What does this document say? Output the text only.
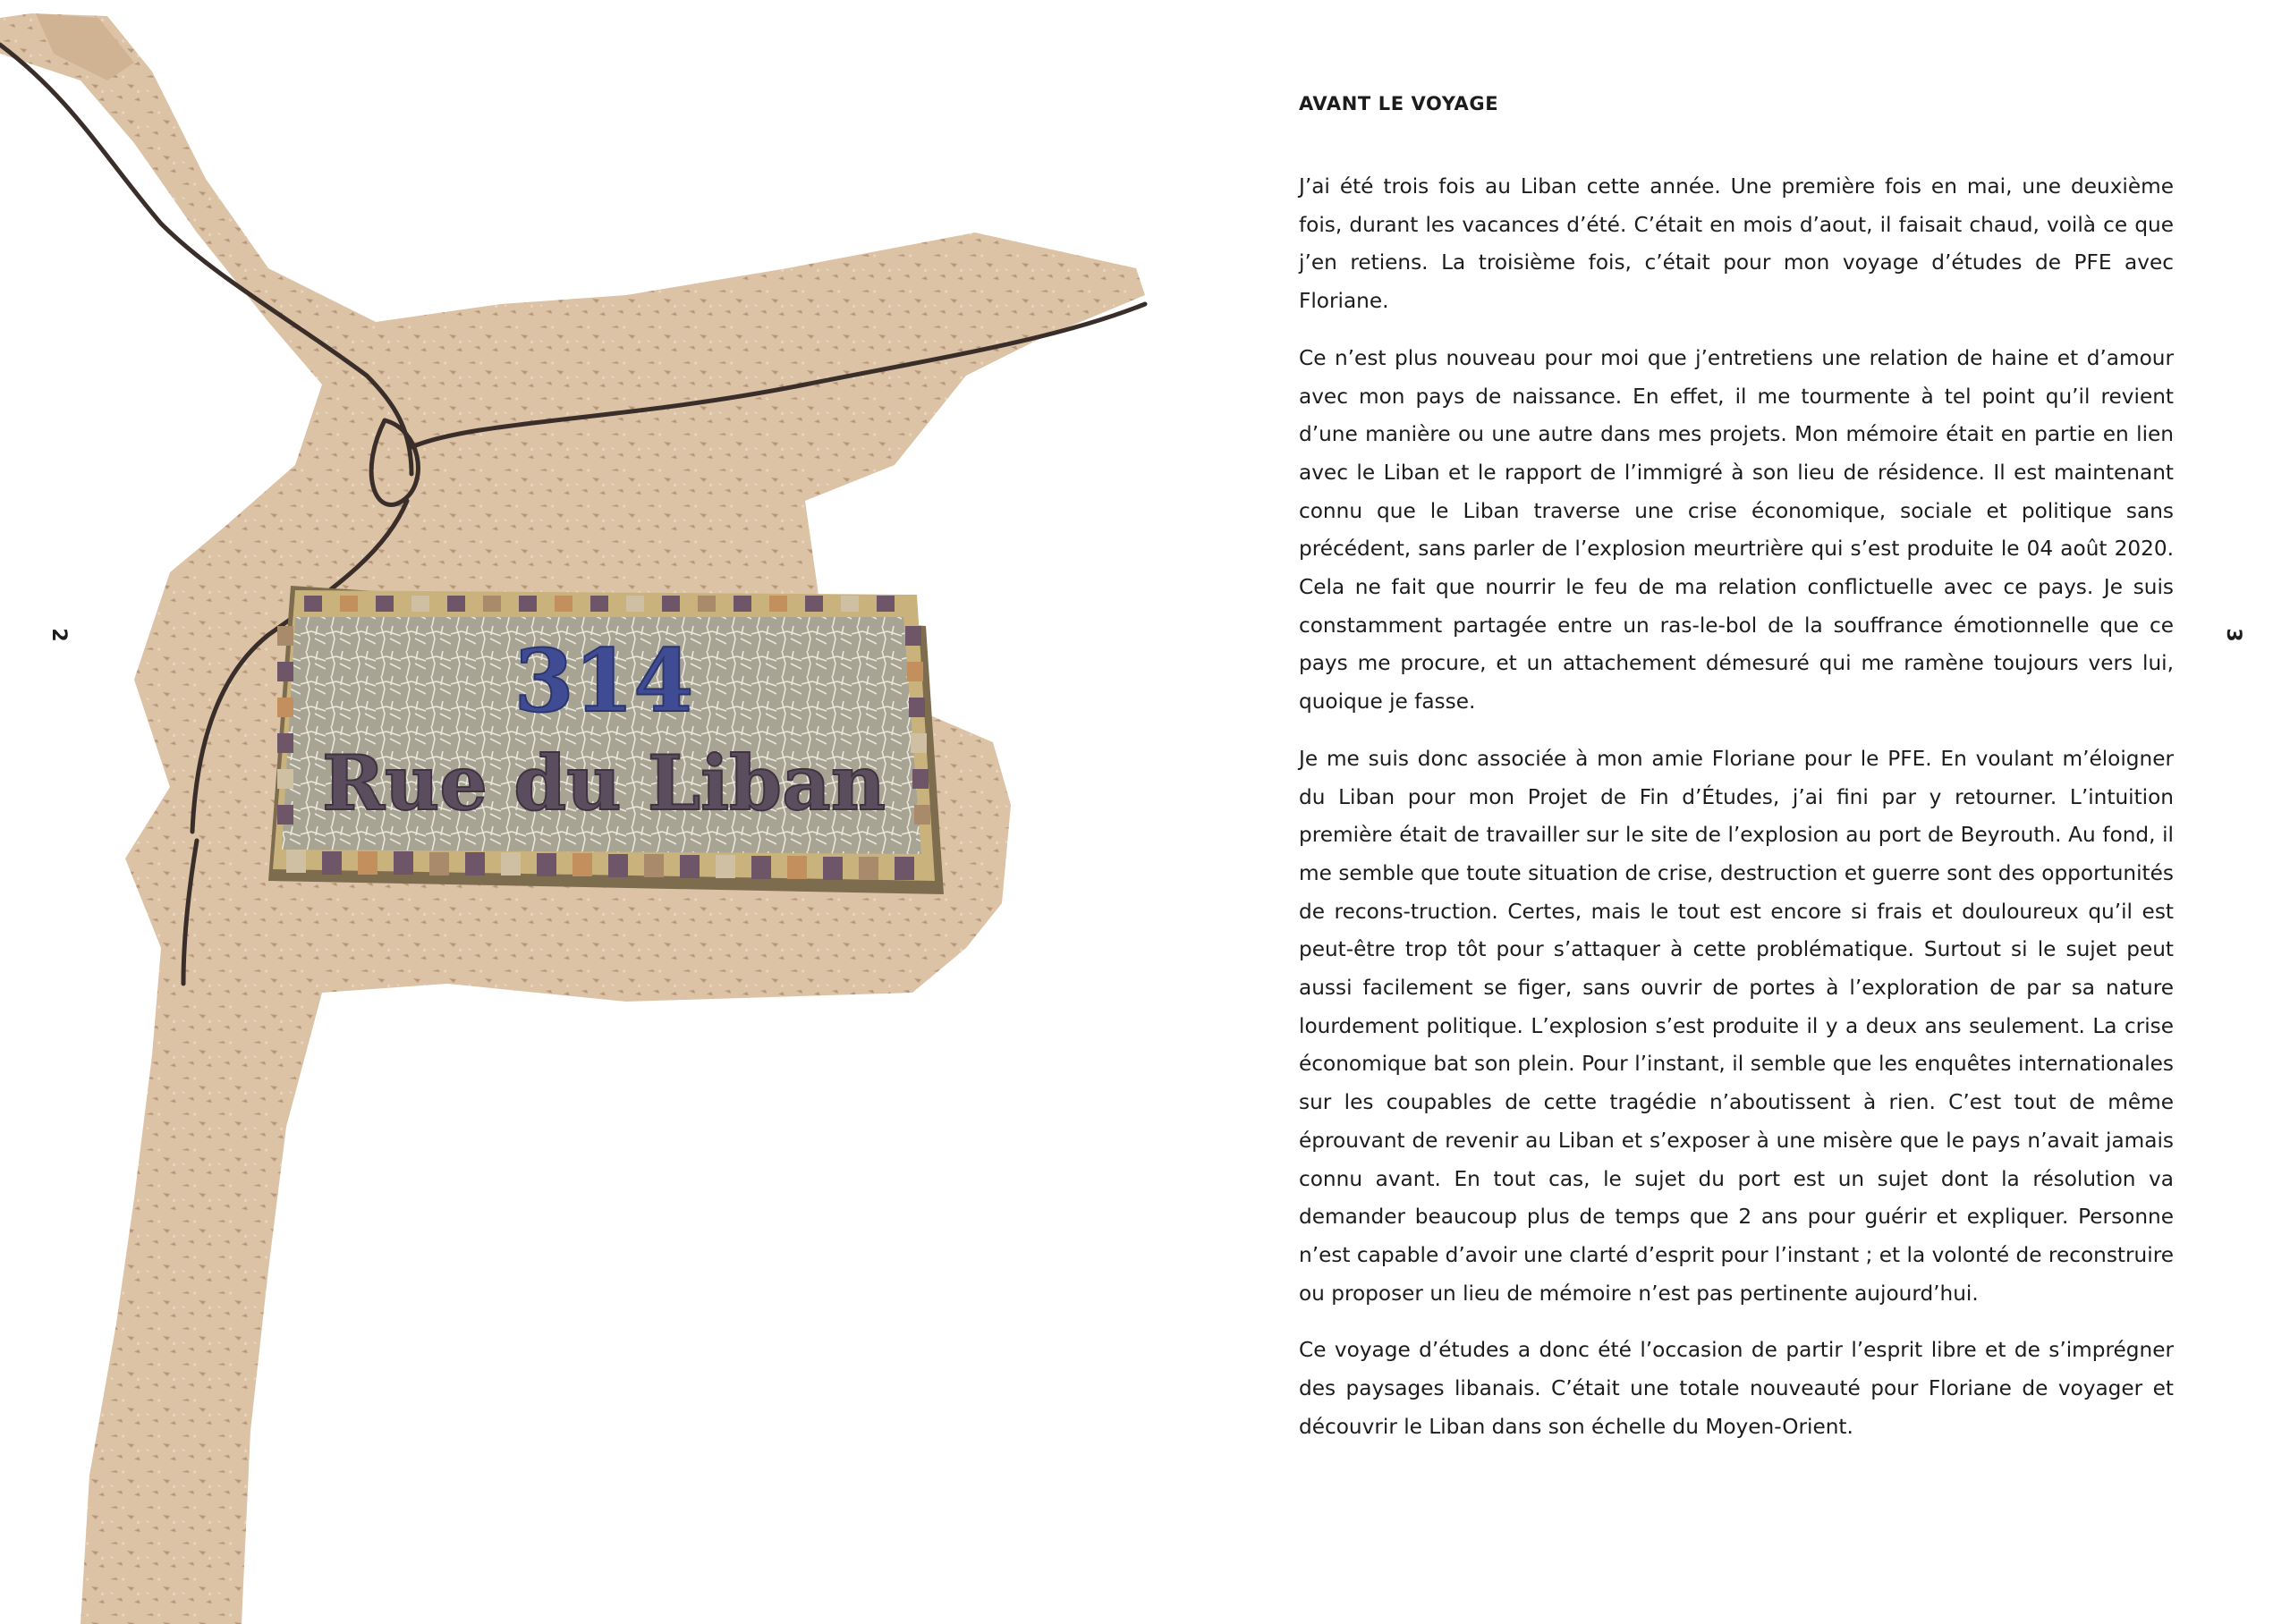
314
Rue du Liban
2	3
AVANT LE VOYAGE

J’ai été trois fois au Liban cette année. Une première fois en mai, une deuxième fois, durant les vacances d’été. C’était en mois d’aout, il faisait chaud, voilà ce que j’en retiens. La troisième fois, c’était pour mon voyage d’études de PFE avec Floriane.

Ce n’est plus nouveau pour moi que j’entretiens une relation de haine et d’amour avec mon pays de naissance. En effet, il me tourmente à tel point qu’il revient d’une manière ou une autre dans mes projets. Mon mémoire était en partie en lien avec le Liban et le rapport de l’immigré à son lieu de résidence. Il est maintenant connu que le Liban traverse une crise économique, sociale et politique sans précédent, sans parler de l’explosion meurtrière qui s’est produite le 04 août 2020. Cela ne fait que nourrir le feu de ma relation conflictuelle avec ce pays. Je suis constamment partagée entre un ras-le-bol de la souffrance émotionnelle que ce pays me procure, et un attachement démesuré qui me ramène toujours vers lui, quoique je fasse.

Je me suis donc associée à mon amie Floriane pour le PFE. En voulant m’éloigner du Liban pour mon Projet de Fin d’Études, j’ai fini par y retourner. L’intuition première était de travailler sur le site de l’explosion au port de Beyrouth. Au fond, il me semble que toute situation de crise, destruction et guerre sont des opportunités de recons-truction. Certes, mais le tout est encore si frais et douloureux qu’il est peut-être trop tôt pour s’attaquer à cette problématique. Surtout si le sujet peut aussi facilement se figer, sans ouvrir de portes à l’exploration de par sa nature lourdement politique. L’explosion s’est produite il y a deux ans seulement. La crise économique bat son plein. Pour l’instant, il semble que les enquêtes internationales sur les coupables de cette tragédie n’aboutissent à rien. C’est tout de même éprouvant de revenir au Liban et s’exposer à une misère que le pays n’avait jamais connu avant. En tout cas, le sujet du port est un sujet dont la résolution va demander beaucoup plus de temps que 2 ans pour guérir et expliquer. Personne n’est capable d’avoir une clarté d’esprit pour l’instant ; et la volonté de reconstruire ou proposer un lieu de mémoire n’est pas pertinente aujourd’hui.

Ce voyage d’études a donc été l’occasion de partir l’esprit libre et de s’imprégner des paysages libanais. C’était une totale nouveauté pour Floriane de voyager et découvrir le Liban dans son échelle du Moyen-Orient.
